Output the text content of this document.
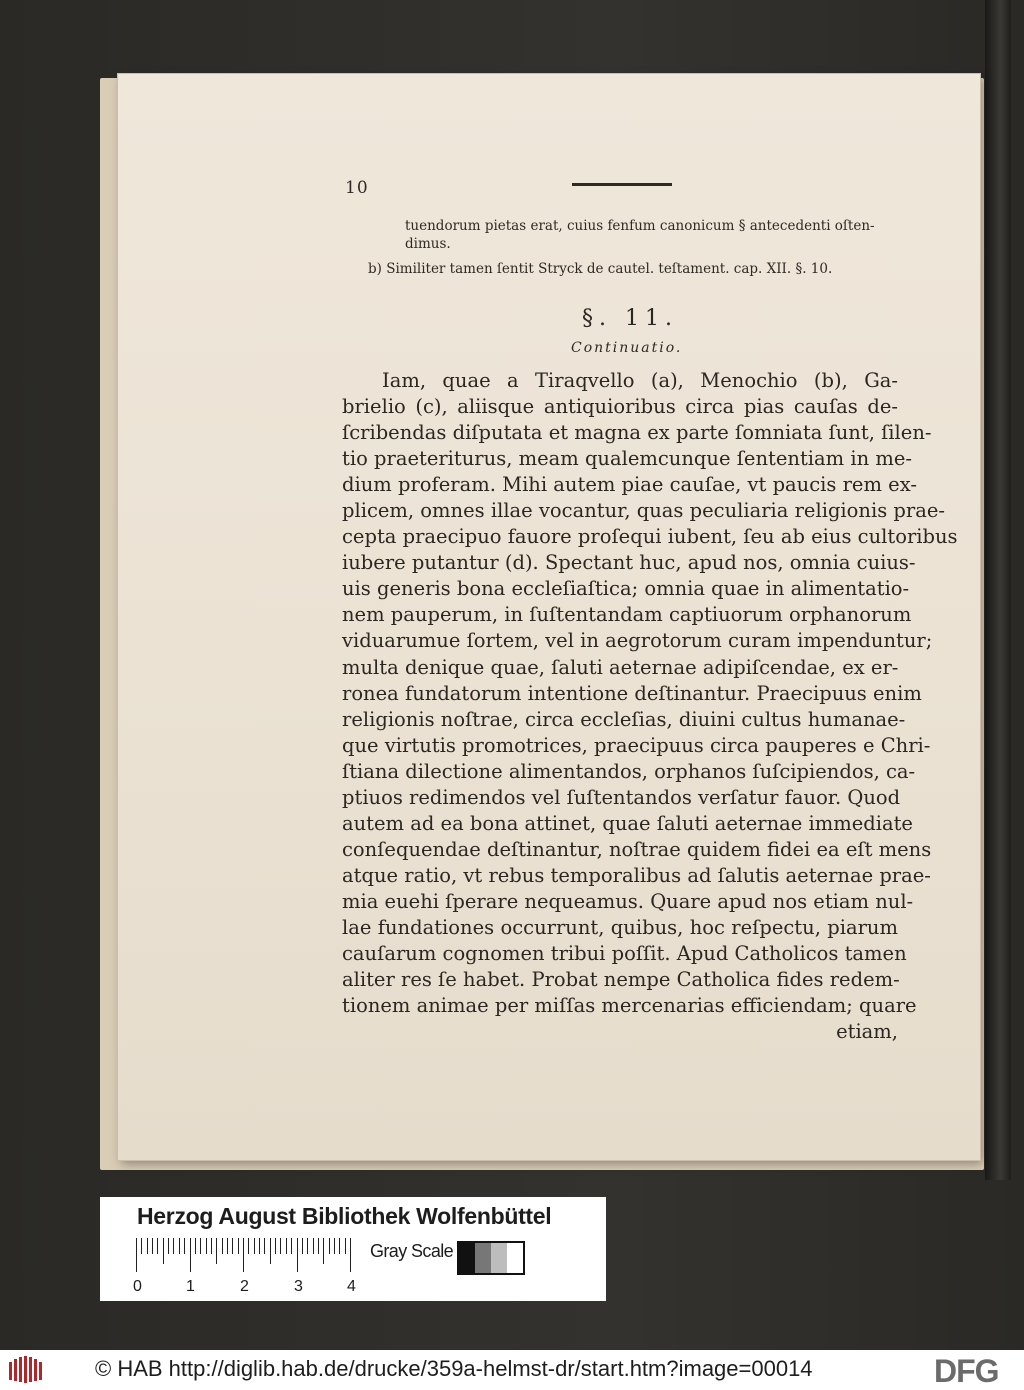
10
tuendorum pietas erat, cuius fenfum canonicum § antecedenti oſten-
dimus.
b) Similiter tamen ſentit Stryck de cautel. teſtament. cap. XII. §. 10.
§. 11.
Continuatio.
Iam, quae a Tiraqvello (a), Menochio (b), Ga-
brielio (c), aliisque antiquioribus circa pias cauſas de-
ſcribendas diſputata et magna ex parte ſomniata ſunt, ſilen-
tio praeteriturus, meam qualemcunque ſententiam in me-
dium proferam. Mihi autem piae cauſae, vt paucis rem ex-
plicem, omnes illae vocantur, quas peculiaria religionis prae-
cepta praecipuo fauore proſequi iubent, ſeu ab eius cultoribus
iubere putantur (d). Spectant huc, apud nos, omnia cuius-
uis generis bona eccleſiaſtica; omnia quae in alimentatio-
nem pauperum, in ſuſtentandam captiuorum orphanorum
viduarumue ſortem, vel in aegrotorum curam impenduntur;
multa denique quae, ſaluti aeternae adipiſcendae, ex er-
ronea fundatorum intentione deſtinantur. Praecipuus enim
religionis noſtrae, circa eccleſias, diuini cultus humanae-
que virtutis promotrices, praecipuus circa pauperes e Chri-
ſtiana dilectione alimentandos, orphanos ſuſcipiendos, ca-
ptiuos redimendos vel ſuſtentandos verſatur fauor. Quod
autem ad ea bona attinet, quae ſaluti aeternae immediate
conſequendae deſtinantur, noſtrae quidem fidei ea eſt mens
atque ratio, vt rebus temporalibus ad ſalutis aeternae prae-
mia euehi ſperare nequeamus. Quare apud nos etiam nul-
lae fundationes occurrunt, quibus, hoc reſpectu, piarum
cauſarum cognomen tribui poſſit. Apud Catholicos tamen
aliter res ſe habet. Probat nempe Catholica fides redem-
tionem animae per miſſas mercenarias efficiendam; quare
etiam,
Herzog August Bibliothek Wolfenbüttel
0	1	2	3	4
Gray Scale
© HAB http://diglib.hab.de/drucke/359a-helmst-dr/start.htm?image=00014	DFG
